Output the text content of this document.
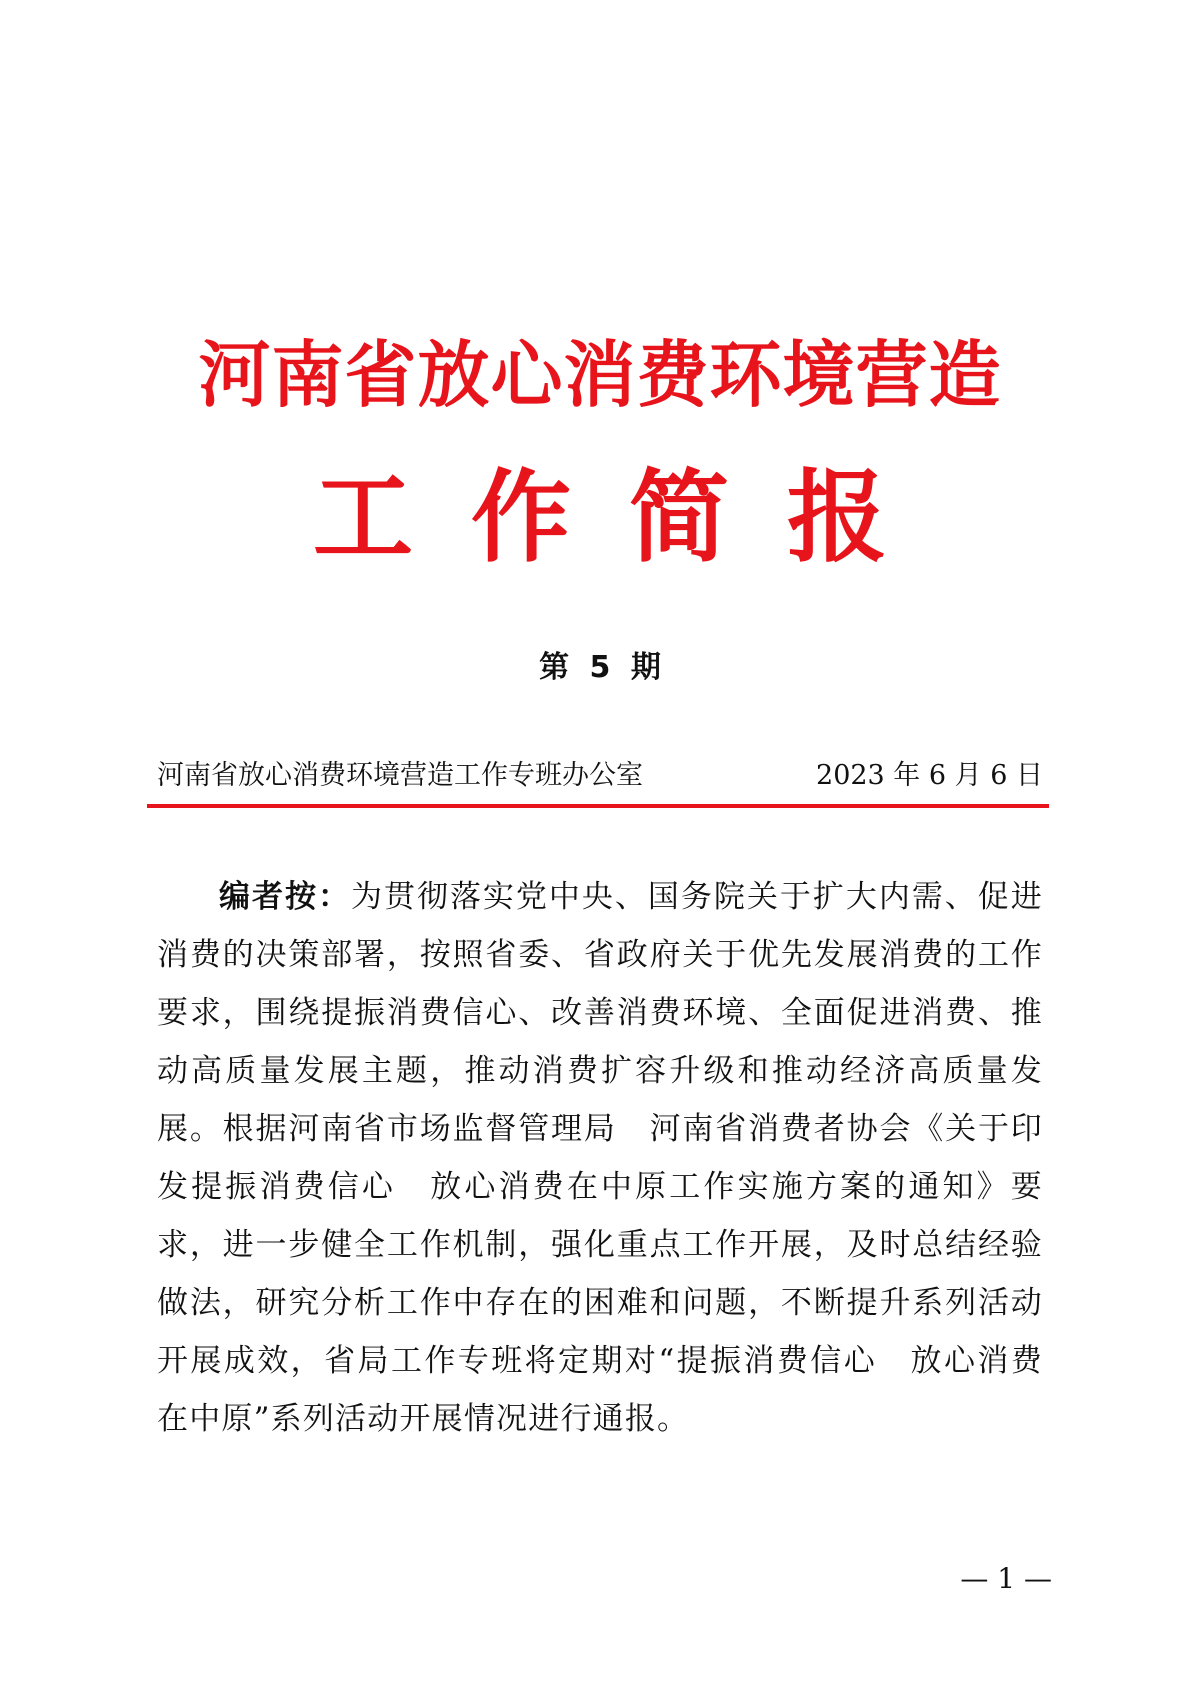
河南省放心消费环境营造
工作简报
第 5 期
河南省放心消费环境营造工作专班办公室	2023 年 6 月 6 日
编者按：为贯彻落实党中央、国务院关于扩大内需、促进消费的决策部署，按照省委、省政府关于优先发展消费的工作要求，围绕提振消费信心、改善消费环境、全面促进消费、推动高质量发展主题，推动消费扩容升级和推动经济高质量发展。根据河南省市场监督管理局　河南省消费者协会《关于印发提振消费信心　放心消费在中原工作实施方案的通知》要求，进一步健全工作机制，强化重点工作开展，及时总结经验做法，研究分析工作中存在的困难和问题，不断提升系列活动开展成效，省局工作专班将定期对“提振消费信心　放心消费在中原”系列活动开展情况进行通报。
— 1 —
